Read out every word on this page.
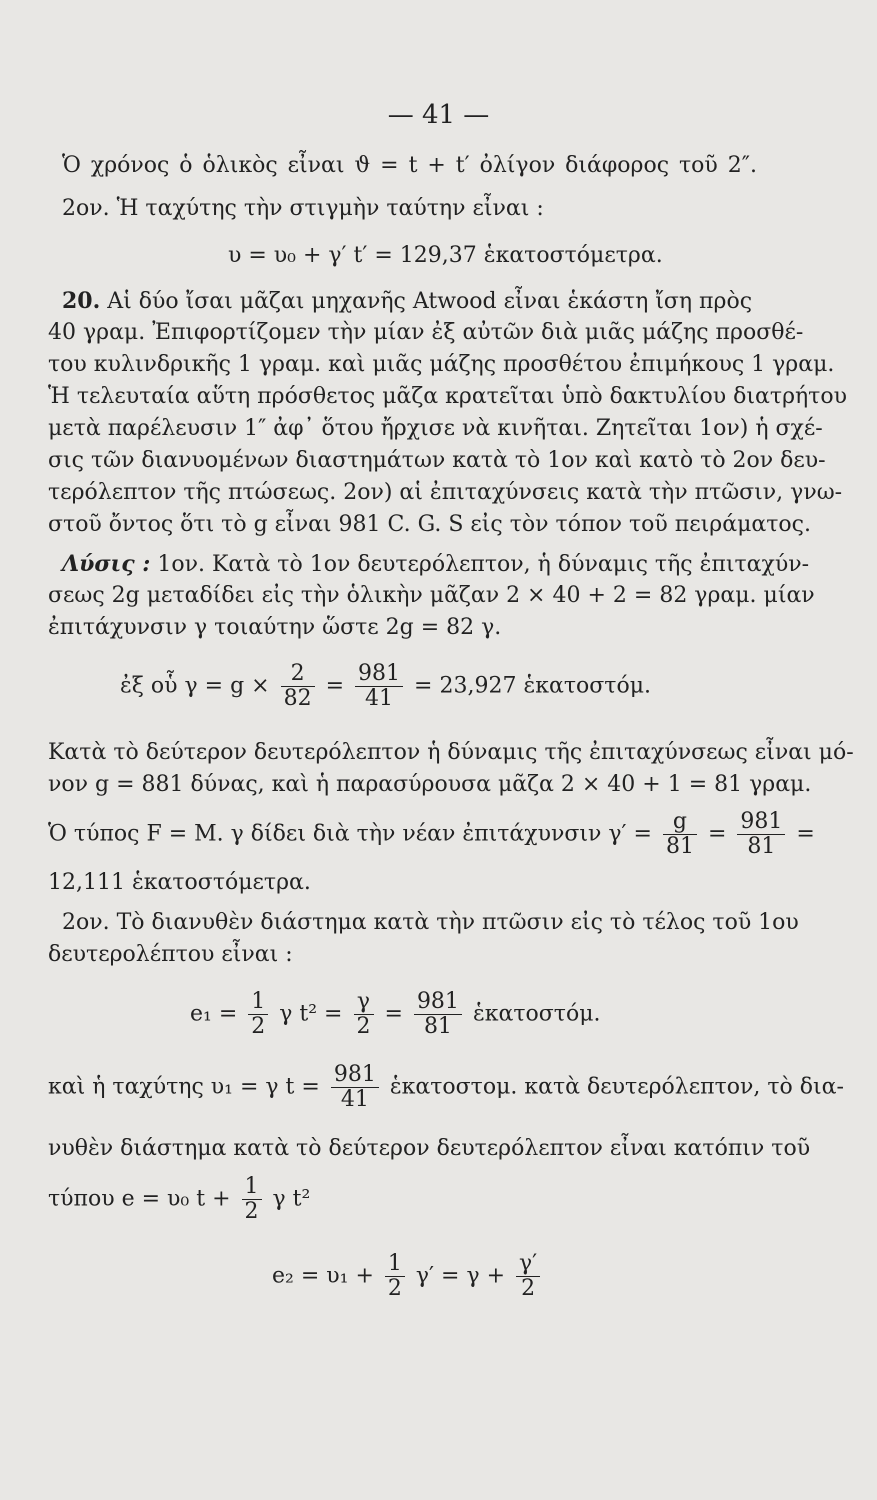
— 41 —
Ὁ χρόνος ὁ ὁλικὸς εἶναι ϑ = t + t′ ὀλίγον διάφορος τοῦ 2″.
2ον. Ἡ ταχύτης τὴν στιγμὴν ταύτην εἶναι :
υ = υ₀ + γ′ t′ = 129,37 ἑκατοστόμετρα.
20. Αἱ δύο ἴσαι μᾶζαι μηχανῆς Atwood εἶναι ἑκάστη ἴση πρὸς
40 γραμ. Ἐπιφορτίζομεν τὴν μίαν ἐξ αὐτῶν διὰ μιᾶς μάζης προσθέ-
του κυλινδρικῆς 1 γραμ. καὶ μιᾶς μάζης προσθέτου ἐπιμήκους 1 γραμ.
Ἡ τελευταία αὕτη πρόσθετος μᾶζα κρατεῖται ὑπὸ δακτυλίου διατρήτου
μετὰ παρέλευσιν 1″ ἀφ᾽ ὅτου ἤρχισε νὰ κινῆται. Ζητεῖται 1ον) ἡ σχέ-
σις τῶν διανυομένων διαστημάτων κατὰ τὸ 1ον καὶ κατὸ τὸ 2ον δευ-
τερόλεπτον τῆς πτώσεως. 2ον) αἱ ἐπιταχύνσεις κατὰ τὴν πτῶσιν, γνω-
στοῦ ὄντος ὅτι τὸ g εἶναι 981 C. G. S εἰς τὸν τόπον τοῦ πειράματος.
Λύσις : 1ον. Κατὰ τὸ 1ον δευτερόλεπτον, ἡ δύναμις τῆς ἐπιταχύν-
σεως 2g μεταδίδει εἰς τὴν ὁλικὴν μᾶζαν 2 × 40 + 2 = 82 γραμ. μίαν
ἐπιτάχυνσιν γ τοιαύτην ὥστε 2g = 82 γ.
ἐξ οὗ $\gamma = g \times \frac{2}{82} = \frac{981}{41} = 23,927$ ἑκατοστόμ.
Κατὰ τὸ δεύτερον δευτερόλεπτον ἡ δύναμις τῆς ἐπιταχύνσεως εἶναι μό-
νον g = 881 δύνας, καὶ ἡ παρασύρουσα μᾶζα 2 × 40 + 1 = 81 γραμ.
Ὁ τύπος F = M. γ δίδει διὰ τὴν νέαν ἐπιτάχυνσιν $\gamma' = \frac{g}{81} = \frac{981}{81}$ =
12,111 ἑκατοστόμετρα.
2ον. Τὸ διανυθὲν διάστημα κατὰ τὴν πτῶσιν εἰς τὸ τέλος τοῦ 1ου
δευτερολέπτου εἶναι :
$e_1 = \frac{1}{2}$ γ $t^2 = \frac{\gamma}{2} = \frac{981}{81}$ ἑκατοστόμ.
καὶ ἡ ταχύτης υ₁ = γ $t = \frac{981}{41}$ ἑκατοστομ. κατὰ δευτερόλεπτον, τὸ δια-
νυθὲν διάστημα κατὰ τὸ δεύτερον δευτερόλεπτον εἶναι κατόπιν τοῦ
τύπου e = υ₀ $t + \frac{1}{2}$ γ t²
$e_2 = \upsilon_1 + \frac{1}{2} \gamma' = \gamma + \frac{\gamma'}{2}$
